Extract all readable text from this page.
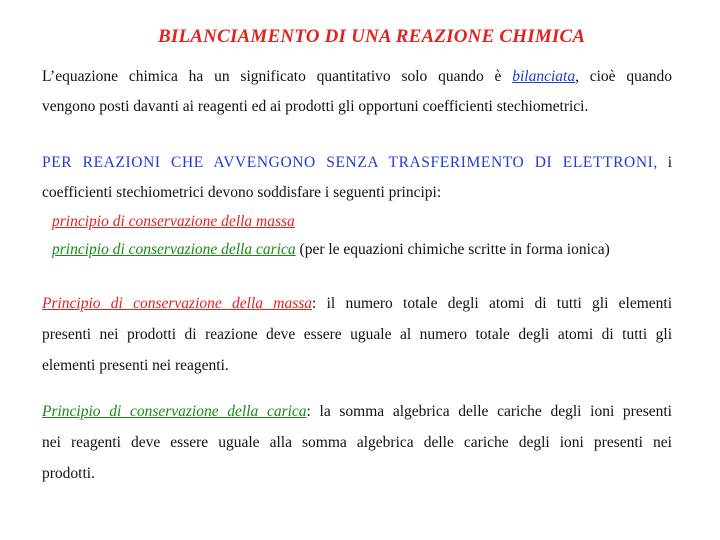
BILANCIAMENTO DI UNA REAZIONE CHIMICA
L’equazione chimica ha un significato quantitativo solo quando è bilanciata, cioè quando
vengono posti davanti ai reagenti ed ai prodotti gli opportuni coefficienti stechiometrici.
PER REAZIONI CHE AVVENGONO SENZA TRASFERIMENTO DI ELETTRONI, i
coefficienti stechiometrici devono soddisfare i seguenti principi:
principio di conservazione della massa
principio di conservazione della carica (per le equazioni chimiche scritte in forma ionica)
Principio di conservazione della massa: il numero totale degli atomi di tutti gli elementi
presenti nei prodotti di reazione deve essere uguale al numero totale degli atomi di tutti gli
elementi presenti nei reagenti.
Principio di conservazione della carica: la somma algebrica delle cariche degli ioni presenti
nei reagenti deve essere uguale alla somma algebrica delle cariche degli ioni presenti nei
prodotti.
